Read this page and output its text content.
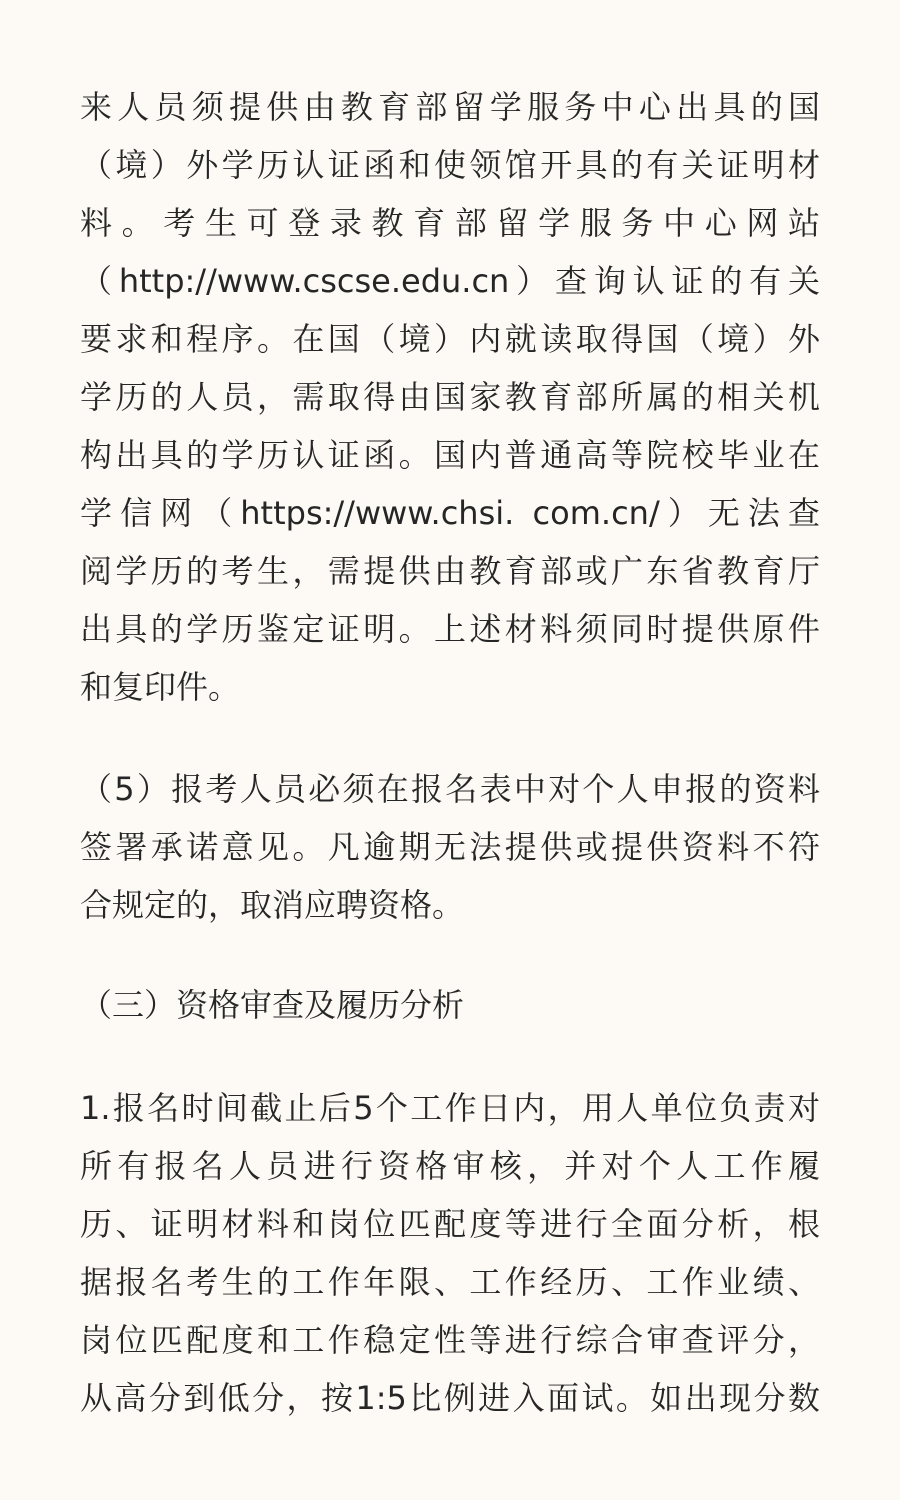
来人员须提供由教育部留学服务中心出具的国
（境）外学历认证函和使领馆开具的有关证明材
料。考生可登录教育部留学服务中心网站
（http://www.cscse.edu.cn）查询认证的有关
要求和程序。在国（境）内就读取得国（境）外
学历的人员，需取得由国家教育部所属的相关机
构出具的学历认证函。国内普通高等院校毕业在
学信网（https://www.chsi. com.cn/）无法查
阅学历的考生，需提供由教育部或广东省教育厅
出具的学历鉴定证明。上述材料须同时提供原件
和复印件。
（5）报考人员必须在报名表中对个人申报的资料
签署承诺意见。凡逾期无法提供或提供资料不符
合规定的，取消应聘资格。
（三）资格审查及履历分析
1.报名时间截止后5个工作日内，用人单位负责对
所有报名人员进行资格审核，并对个人工作履
历、证明材料和岗位匹配度等进行全面分析，根
据报名考生的工作年限、工作经历、工作业绩、
岗位匹配度和工作稳定性等进行综合审查评分，
从高分到低分，按1:5比例进入面试。如出现分数
